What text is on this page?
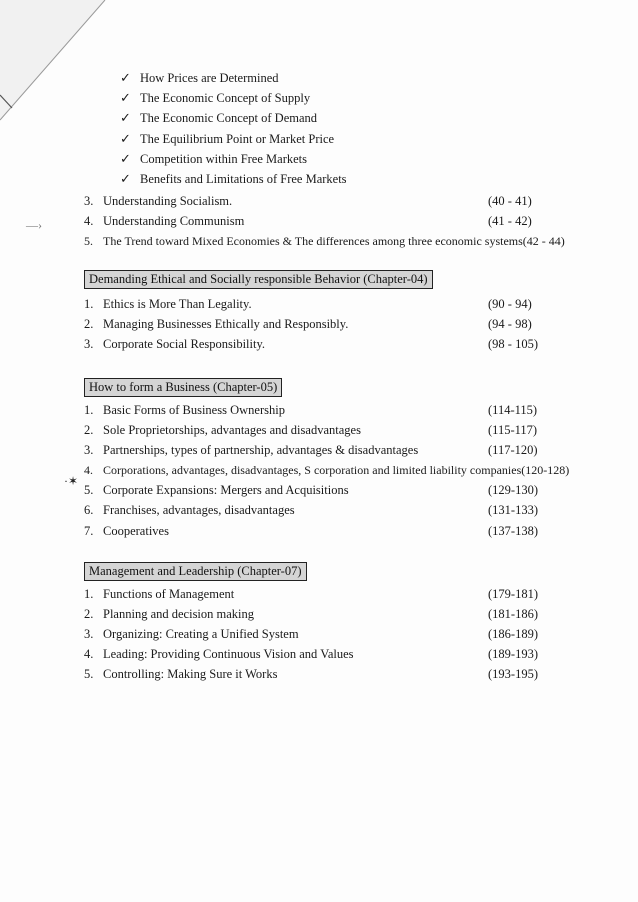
—›
·✶
✓ How Prices are Determined
✓ The Economic Concept of Supply
✓ The Economic Concept of Demand
✓ The Equilibrium Point or Market Price
✓ Competition within Free Markets
✓ Benefits and Limitations of Free Markets
3. Understanding Socialism.	(40 - 41)
4. Understanding Communism	(41 - 42)
5. The Trend toward Mixed Economies & The differences among three economic systems(42 - 44)
Demanding Ethical and Socially responsible Behavior (Chapter-04)
1. Ethics is More Than Legality.	(90 - 94)
2. Managing Businesses Ethically and Responsibly.	(94 - 98)
3. Corporate Social Responsibility.	(98 - 105)
How to form a Business (Chapter-05)
1. Basic Forms of Business Ownership	(114-115)
2. Sole Proprietorships, advantages and disadvantages	(115-117)
3. Partnerships, types of partnership, advantages & disadvantages	(117-120)
4. Corporations, advantages, disadvantages, S corporation and limited liability companies(120-128)
5. Corporate Expansions: Mergers and Acquisitions	(129-130)
6. Franchises, advantages, disadvantages	(131-133)
7. Cooperatives	(137-138)
Management and Leadership (Chapter-07)
1. Functions of Management	(179-181)
2. Planning and decision making	(181-186)
3. Organizing: Creating a Unified System	(186-189)
4. Leading: Providing Continuous Vision and Values	(189-193)
5. Controlling: Making Sure it Works	(193-195)
